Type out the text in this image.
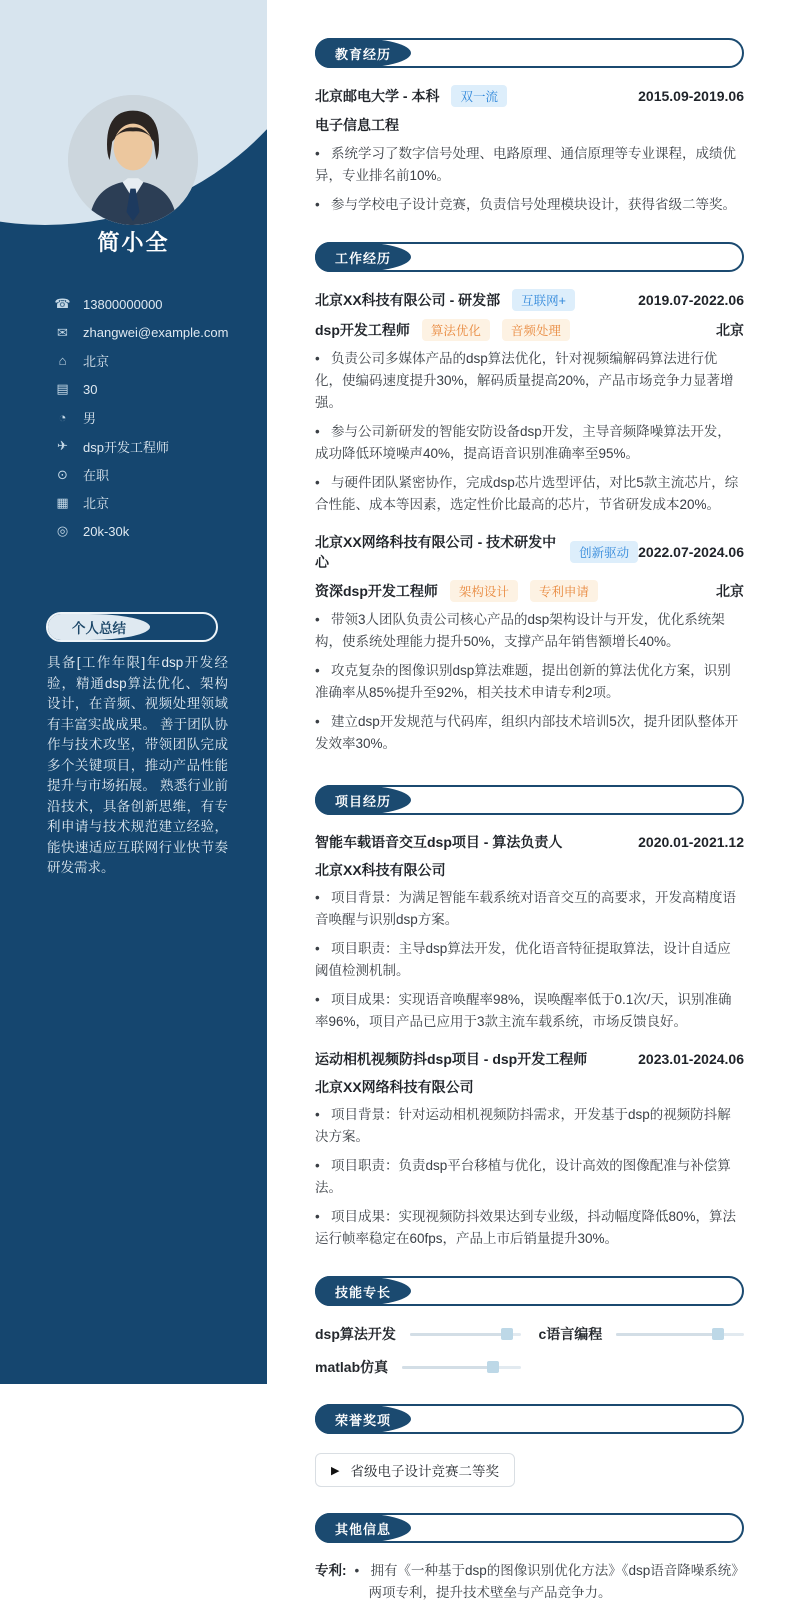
简小全
☎ 13800000000
✉ zhangwei@example.com
⌂	北京
▤ 30
◔	男
✈ dsp开发工程师
⊙ 在职
▦ 北京
◎ 20k-30k
个人总结
具备[工作年限]年dsp开发经验，精通dsp算法优化、架构设计，在音频、视频处理领域有丰富实战成果。 善于团队协作与技术攻坚，带领团队完成多个关键项目，推动产品性能提升与市场拓展。 熟悉行业前沿技术，具备创新思维，有专利申请与技术规范建立经验，能快速适应互联网行业快节奏研发需求。
教育经历
北京邮电大学 - 本科	双一流	2015.09-2019.06
电子信息工程
•   系统学习了数字信号处理、电路原理、通信原理等专业课程，成绩优异，专业排名前10%。
•   参与学校电子设计竞赛，负责信号处理模块设计，获得省级二等奖。
工作经历
北京XX科技有限公司 - 研发部	互联网+	2019.07-2022.06
dsp开发工程师	算法优化	音频处理	北京
•   负责公司多媒体产品的dsp算法优化，针对视频编解码算法进行优化，使编码速度提升30%，解码质量提高20%，产品市场竞争力显著增强。
•   参与公司新研发的智能安防设备dsp开发，主导音频降噪算法开发，成功降低环境噪声40%，提高语音识别准确率至95%。
•   与硬件团队紧密协作，完成dsp芯片选型评估，对比5款主流芯片，综合性能、成本等因素，选定性价比最高的芯片，节省研发成本20%。
北京XX网络科技有限公司 - 技术研发中心
创新驱动 2022.07-2024.06
资深dsp开发工程师	架构设计	专利申请	北京
•   带领3人团队负责公司核心产品的dsp架构设计与开发，优化系统架构，使系统处理能力提升50%，支撑产品年销售额增长40%。
•   攻克复杂的图像识别dsp算法难题，提出创新的算法优化方案，识别准确率从85%提升至92%，相关技术申请专利2项。
•   建立dsp开发规范与代码库，组织内部技术培训5次，提升团队整体开发效率30%。
项目经历
智能车载语音交互dsp项目 - 算法负责人	2020.01-2021.12
北京XX科技有限公司
•   项目背景：为满足智能车载系统对语音交互的高要求，开发高精度语音唤醒与识别dsp方案。
•   项目职责：主导dsp算法开发，优化语音特征提取算法，设计自适应阈值检测机制。
•   项目成果：实现语音唤醒率98%，误唤醒率低于0.1次/天，识别准确率96%，项目产品已应用于3款主流车载系统，市场反馈良好。
运动相机视频防抖dsp项目 - dsp开发工程师	2023.01-2024.06
北京XX网络科技有限公司
•   项目背景：针对运动相机视频防抖需求，开发基于dsp的视频防抖解决方案。
•   项目职责：负责dsp平台移植与优化，设计高效的图像配准与补偿算法。
•   项目成果：实现视频防抖效果达到专业级，抖动幅度降低80%，算法运行帧率稳定在60fps，产品上市后销量提升30%。
技能专长
dsp算法开发	c语言编程
matlab仿真
荣誉奖项
▶ 省级电子设计竞赛二等奖
其他信息
专利:	•   拥有《一种基于dsp的图像识别优化方法》《dsp语音降噪系统》两项专利，提升技术壁垒与产品竞争力。
